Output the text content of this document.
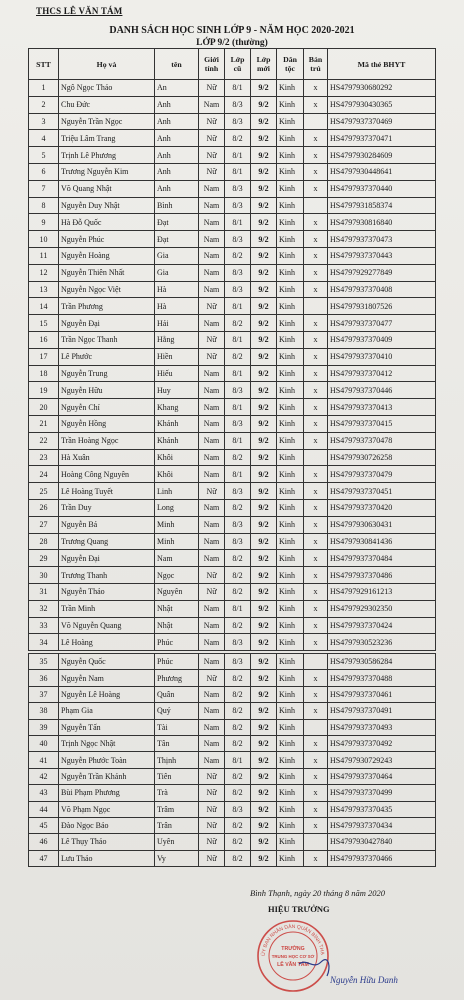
THCS LÊ VĂN TÁM
DANH SÁCH HỌC SINH LỚP 9 - NĂM HỌC 2020-2021
LỚP 9/2 (thường)
STT	Họ và	tên	Giới tính	Lớp cũ	Lớp mới	Dân tộc	Bán trú	Mã thẻ BHYT
1	Ngô Ngọc Thảo	An	Nữ	8/1	9/2	Kinh	x	HS4797930680292
2	Chu Đức	Anh	Nam	8/3	9/2	Kinh	x	HS4797930430365
3	Nguyễn Trần Ngọc	Anh	Nữ	8/3	9/2	Kinh		HS4797937370469
4	Triệu Lâm Trang	Anh	Nữ	8/2	9/2	Kinh	x	HS4797937370471
5	Trịnh Lê Phương	Anh	Nữ	8/1	9/2	Kinh	x	HS4797930284609
6	Trương Nguyễn Kim	Anh	Nữ	8/1	9/2	Kinh	x	HS4797930448641
7	Võ Quang Nhật	Anh	Nam	8/3	9/2	Kinh	x	HS4797937370440
8	Nguyễn Duy Nhật	Bình	Nam	8/3	9/2	Kinh		HS4797931858374
9	Hà Đỗ Quốc	Đạt	Nam	8/1	9/2	Kinh	x	HS4797930816840
10	Nguyễn Phúc	Đạt	Nam	8/3	9/2	Kinh	x	HS4797937370473
11	Nguyễn Hoàng	Gia	Nam	8/2	9/2	Kinh	x	HS4797937370443
12	Nguyễn Thiên Nhất	Gia	Nam	8/3	9/2	Kinh	x	HS4797929277849
13	Nguyễn Ngọc Việt	Hà	Nam	8/3	9/2	Kinh	x	HS4797937370408
14	Trần Phương	Hà	Nữ	8/1	9/2	Kinh		HS4797931807526
15	Nguyễn Đại	Hải	Nam	8/2	9/2	Kinh	x	HS4797937370477
16	Trần Ngọc Thanh	Hằng	Nữ	8/1	9/2	Kinh	x	HS4797937370409
17	Lê Phước	Hiền	Nữ	8/2	9/2	Kinh	x	HS4797937370410
18	Nguyễn Trung	Hiếu	Nam	8/1	9/2	Kinh	x	HS4797937370412
19	Nguyễn Hữu	Huy	Nam	8/3	9/2	Kinh	x	HS4797937370446
20	Nguyễn Chí	Khang	Nam	8/1	9/2	Kinh	x	HS4797937370413
21	Nguyễn Hồng	Khánh	Nam	8/3	9/2	Kinh	x	HS4797937370415
22	Trần Hoàng Ngọc	Khánh	Nam	8/1	9/2	Kinh	x	HS4797937370478
23	Hà Xuân	Khôi	Nam	8/2	9/2	Kinh		HS4797930726258
24	Hoàng Công Nguyên	Khôi	Nam	8/1	9/2	Kinh	x	HS4797937370479
25	Lê Hoàng Tuyết	Linh	Nữ	8/3	9/2	Kinh	x	HS4797937370451
26	Trần Duy	Long	Nam	8/2	9/2	Kinh	x	HS4797937370420
27	Nguyễn Bá	Minh	Nam	8/3	9/2	Kinh	x	HS4797930630431
28	Trương Quang	Minh	Nam	8/3	9/2	Kinh	x	HS4797930841436
29	Nguyễn Đại	Nam	Nam	8/2	9/2	Kinh	x	HS4797937370484
30	Trương Thanh	Ngọc	Nữ	8/2	9/2	Kinh	x	HS4797937370486
31	Nguyễn Thảo	Nguyên	Nữ	8/2	9/2	Kinh	x	HS4797929161213
32	Trần Minh	Nhật	Nam	8/1	9/2	Kinh	x	HS4797929302350
33	Võ Nguyễn Quang	Nhật	Nam	8/2	9/2	Kinh	x	HS4797937370424
34	Lê Hoàng	Phúc	Nam	8/3	9/2	Kinh	x	HS4797930523236
35	Nguyễn Quốc	Phúc	Nam	8/3	9/2	Kinh		HS4797930586284
36	Nguyễn Nam	Phương	Nữ	8/2	9/2	Kinh	x	HS4797937370488
37	Nguyễn Lê Hoàng	Quân	Nam	8/2	9/2	Kinh	x	HS4797937370461
38	Phạm Gia	Quý	Nam	8/2	9/2	Kinh	x	HS4797937370491
39	Nguyễn Tấn	Tài	Nam	8/2	9/2	Kinh		HS4797937370493
40	Trịnh Ngọc Nhật	Tân	Nam	8/2	9/2	Kinh	x	HS4797937370492
41	Nguyễn Phước Toàn	Thịnh	Nam	8/1	9/2	Kinh	x	HS4797930729243
42	Nguyễn Trần Khánh	Tiên	Nữ	8/2	9/2	Kinh	x	HS4797937370464
43	Bùi Phạm Phương	Trà	Nữ	8/2	9/2	Kinh	x	HS4797937370499
44	Võ Phạm Ngọc	Trâm	Nữ	8/3	9/2	Kinh	x	HS4797937370435
45	Đào Ngọc Bảo	Trân	Nữ	8/2	9/2	Kinh	x	HS4797937370434
46	Lê Thụy Thảo	Uyên	Nữ	8/2	9/2	Kinh		HS4797930427840
47	Lưu Thảo	Vy	Nữ	8/2	9/2	Kinh	x	HS4797937370466
Bình Thạnh, ngày 20 tháng 8 năm 2020
HIỆU TRƯỞNG
ỦY BAN NHÂN DÂN QUẬN BÌNH THẠ
TRƯỜNG
TRUNG HỌC CƠ SỞ
LÊ VĂN TÁM
Nguyễn Hữu Danh
